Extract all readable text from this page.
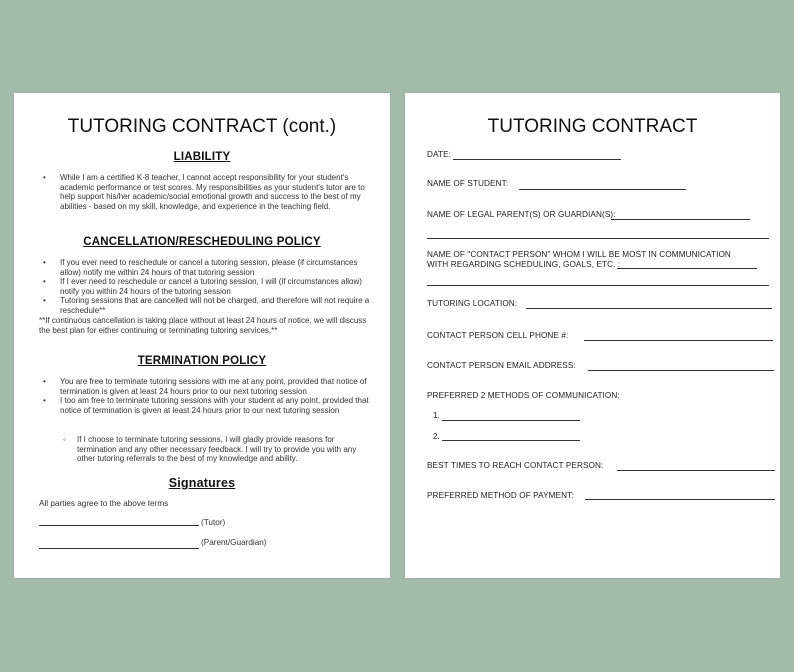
TUTORING CONTRACT (cont.)
LIABILITY
• While I am a certified K-8 teacher, I cannot accept responsibility for your student's academic performance or test scores. My responsibilities as your student's tutor are to help support his/her academic/social emotional growth and success to the best of my abilities - based on my skill, knowledge, and experience in the teaching field.
CANCELLATION/RESCHEDULING POLICY
• If you ever need to reschedule or cancel a tutoring session, please (if circumstances allow) notify me within 24 hours of that tutoring session
• If I ever need to reschedule or cancel a tutoring session, I will (if circumstances allow) notify you within 24 hours of the tutoring session
• Tutoring sessions that are cancelled will not be charged, and therefore will not require a reschedule**
**If continuous cancellation is taking place without at least 24 hours of notice, we will discuss the best plan for either continuing or terminating tutoring services.**
TERMINATION POLICY
• You are free to terminate tutoring sessions with me at any point, provided that notice of termination is given at least 24 hours prior to our next tutoring session
• I too am free to terminate tutoring sessions with your student at any point, provided that notice of termination is given at least 24 hours prior to our next tutoring session
◦ If I choose to terminate tutoring sessions, I will gladly provide reasons for termination and any other necessary feedback. I will try to provide you with any other tutoring referrals to the best of my knowledge and ability.
Signatures
All parties agree to the above terms
(Tutor)
(Parent/Guardian)
TUTORING CONTRACT
DATE:
NAME OF STUDENT:
NAME OF LEGAL PARENT(S) OR GUARDIAN(S):
NAME OF "CONTACT PERSON" WHOM I WILL BE MOST IN COMMUNICATION
WITH REGARDING SCHEDULING, GOALS, ETC. :
TUTORING LOCATION:
CONTACT PERSON CELL PHONE #:
CONTACT PERSON EMAIL ADDRESS:
PREFERRED 2 METHODS OF COMMUNICATION:
1.
2.
BEST TIMES TO REACH CONTACT PERSON:
PREFERRED METHOD OF PAYMENT:
